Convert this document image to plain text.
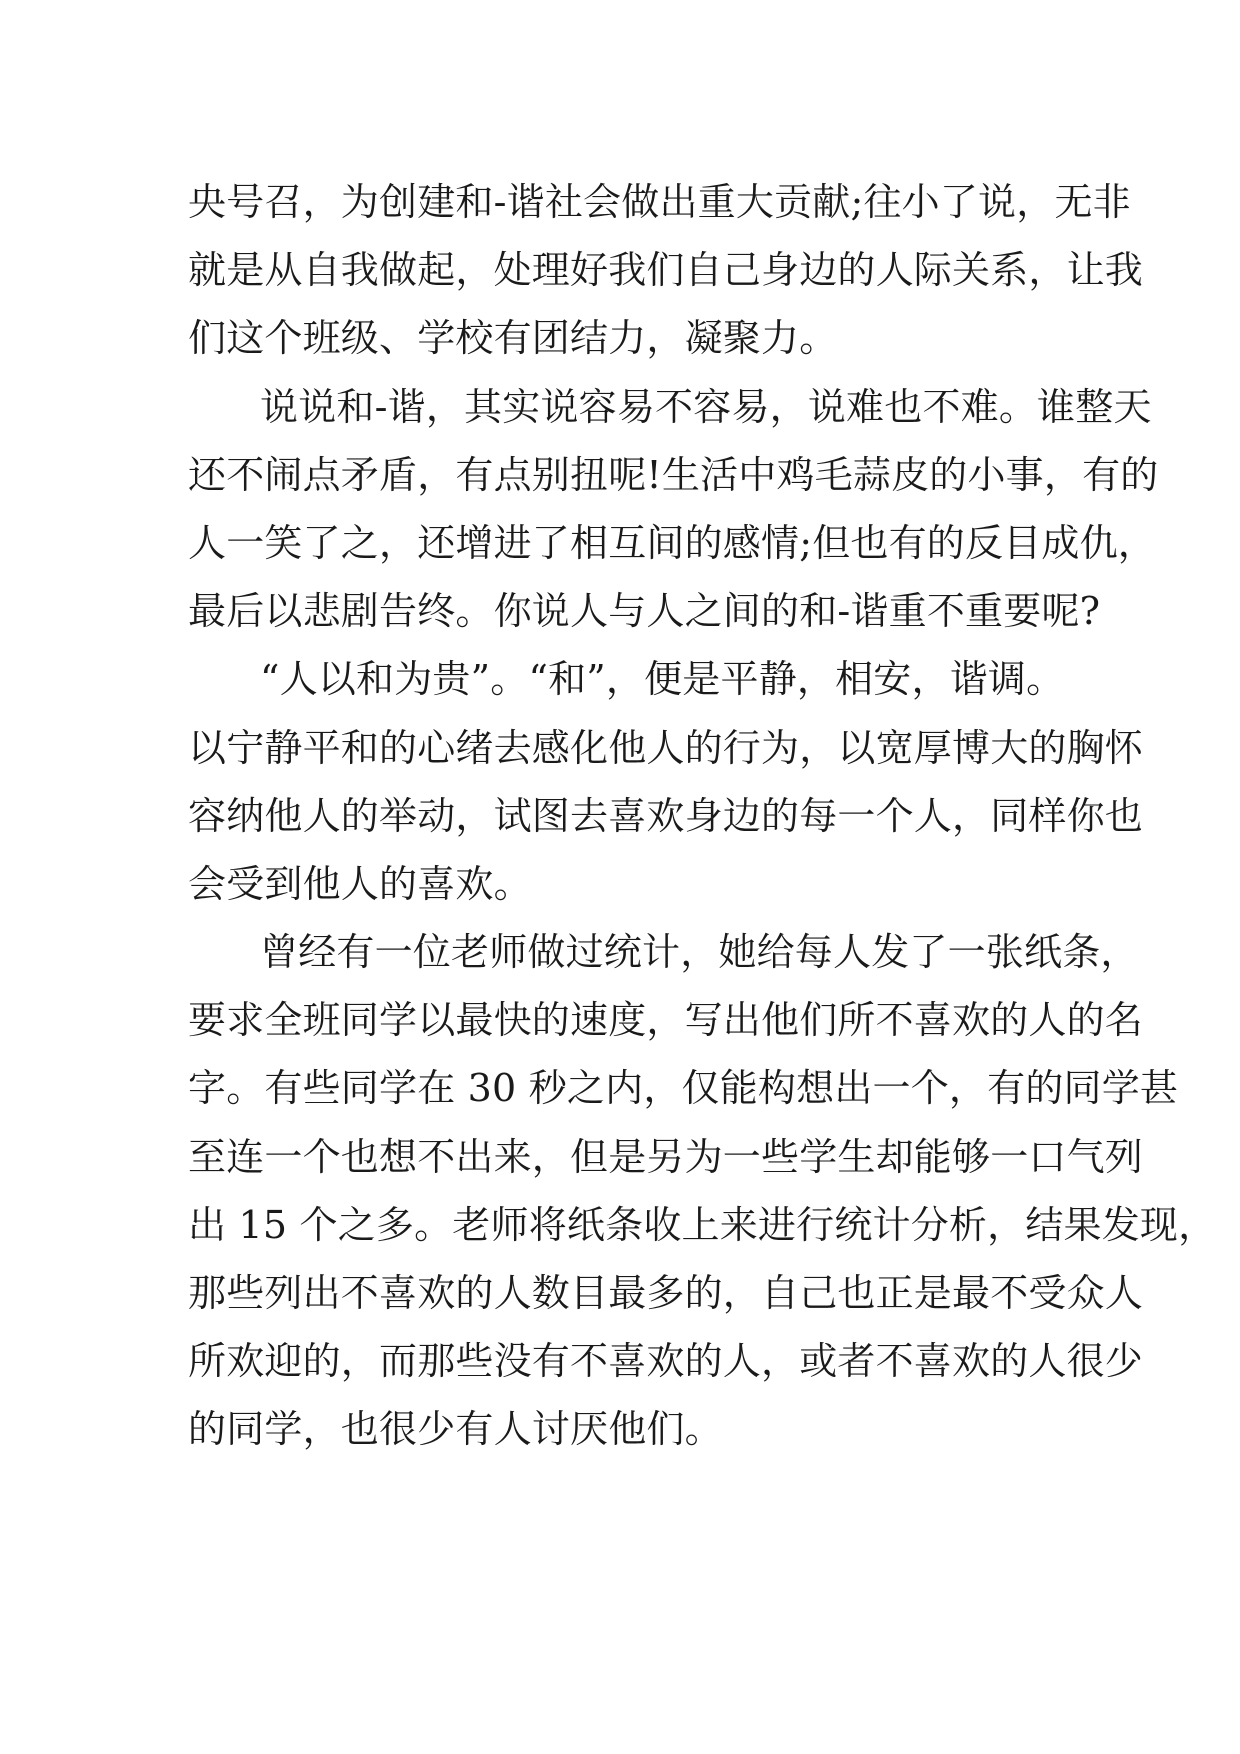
央号召，为创建和-谐社会做出重大贡献;往小了说，无非

就是从自我做起，处理好我们自己身边的人际关系，让我

们这个班级、学校有团结力，凝聚力。

说说和-谐，其实说容易不容易，说难也不难。谁整天

还不闹点矛盾，有点别扭呢!生活中鸡毛蒜皮的小事，有的

人一笑了之，还增进了相互间的感情;但也有的反目成仇，

最后以悲剧告终。你说人与人之间的和-谐重不重要呢?

“人以和为贵”。“和”，便是平静，相安，谐调。

以宁静平和的心绪去感化他人的行为，以宽厚博大的胸怀

容纳他人的举动，试图去喜欢身边的每一个人，同样你也

会受到他人的喜欢。

曾经有一位老师做过统计，她给每人发了一张纸条，

要求全班同学以最快的速度，写出他们所不喜欢的人的名

字。有些同学在 30 秒之内，仅能构想出一个，有的同学甚

至连一个也想不出来，但是另为一些学生却能够一口气列

出 15 个之多。老师将纸条收上来进行统计分析，结果发现，

那些列出不喜欢的人数目最多的，自己也正是最不受众人

所欢迎的，而那些没有不喜欢的人，或者不喜欢的人很少

的同学，也很少有人讨厌他们。
